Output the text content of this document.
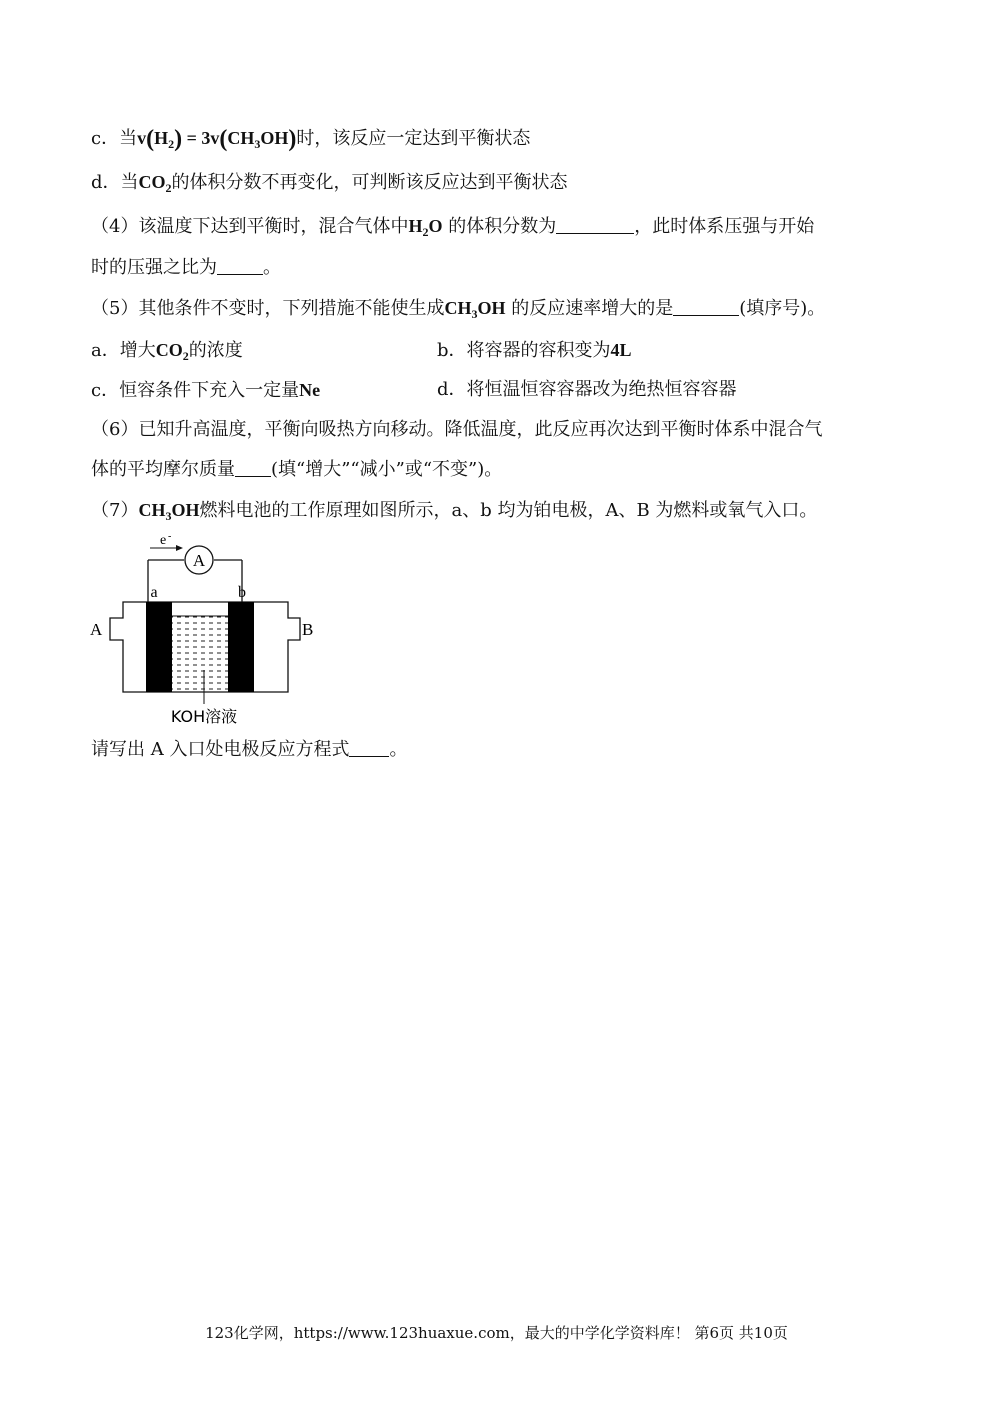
c．当$v(H_2) = 3v(CH_3OH)$时，该反应一定达到平衡状态
d．当$CO_2$的体积分数不再变化，可判断该反应达到平衡状态
（4）该温度下达到平衡时，混合气体中$H_2O$ 的体积分数为	，此时体系压强与开始
时的压强之比为	。
（5）其他条件不变时，下列措施不能使生成$CH_3OH$ 的反应速率增大的是	(填序号)。
a．增大$CO_2$的浓度	b．将容器的容积变为4L
c．恒容条件下充入一定量Ne	d．将恒温恒容容器改为绝热恒容容器
（6）已知升高温度，平衡向吸热方向移动。降低温度，此反应再次达到平衡时体系中混合气
体的平均摩尔质量 (填“增大”“减小”或“不变”)。
$(7)CH_3OH$燃料电池的工作原理如图所示，a、b 均为铂电极，A、B 为燃料或氧气入口。
A
e -
a	b
A	B
KOH溶液
请写出 A 入口处电极反应方程式 。
123化学网，https://www.123huaxue.com，最大的中学化学资料库！ 第6页 共10页
